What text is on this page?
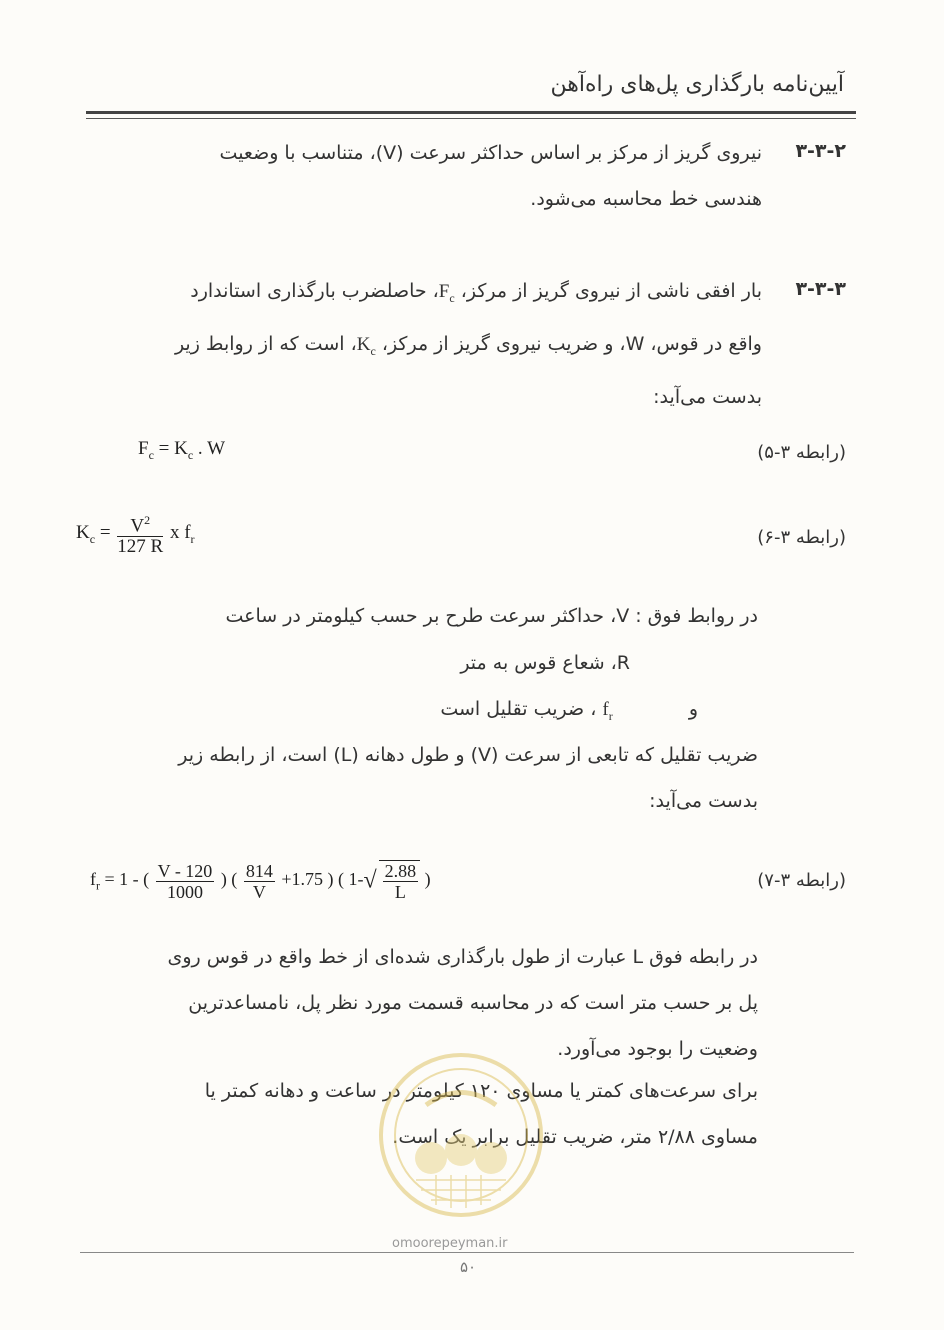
آیین‌نامه بارگذاری پل‌های راه‌آهن
۳-۳-۲
نیروی گریز از مرکز بر اساس حداکثر سرعت (V)، متناسب با وضعیت
هندسی خط محاسبه می‌شود.
۳-۳-۳
بار افقی ناشی از نیروی گریز از مرکز، $F_c،$ حاصلضرب بارگذاری استاندارد
واقع در قوس، W، و ضریب نیروی گریز از مرکز، $K_c،$ است که از روابط زیر
بدست می‌آید:
(رابطه ۳-۵)
$F_c = K_c$ . W
(رابطه ۳-۶)
$K_c = \frac{V^2}{127 R}$ x $f_r$
در روابط فوق : V، حداکثر سرعت طرح بر حسب کیلومتر در ساعت
R، شعاع قوس به متر
و  $f_r$ ، ضریب تقلیل است
ضریب تقلیل که تابعی از سرعت (V) و طول دهانه (L) است، از رابطه زیر
بدست می‌آید:
(رابطه ۳-۷)
$f_r = 1$ - ( $\frac{V - 120}{1000}$ ) ( $\frac{814}{V} +1.75$ ) ( $1-√ \frac{2.88}{L}$ )
در رابطه فوق L عبارت از طول بارگذاری شده‌ای از خط واقع در قوس روی
پل بر حسب متر است که در محاسبه قسمت مورد نظر پل، نامساعدترین
وضعیت را بوجود می‌آورد.
برای سرعت‌های کمتر یا مساوی ۱۲۰ کیلومتر در ساعت و دهانه کمتر یا
مساوی ۲/۸۸ متر، ضریب تقلیل برابر یک است.
omoorepeyman.ir
۵۰
